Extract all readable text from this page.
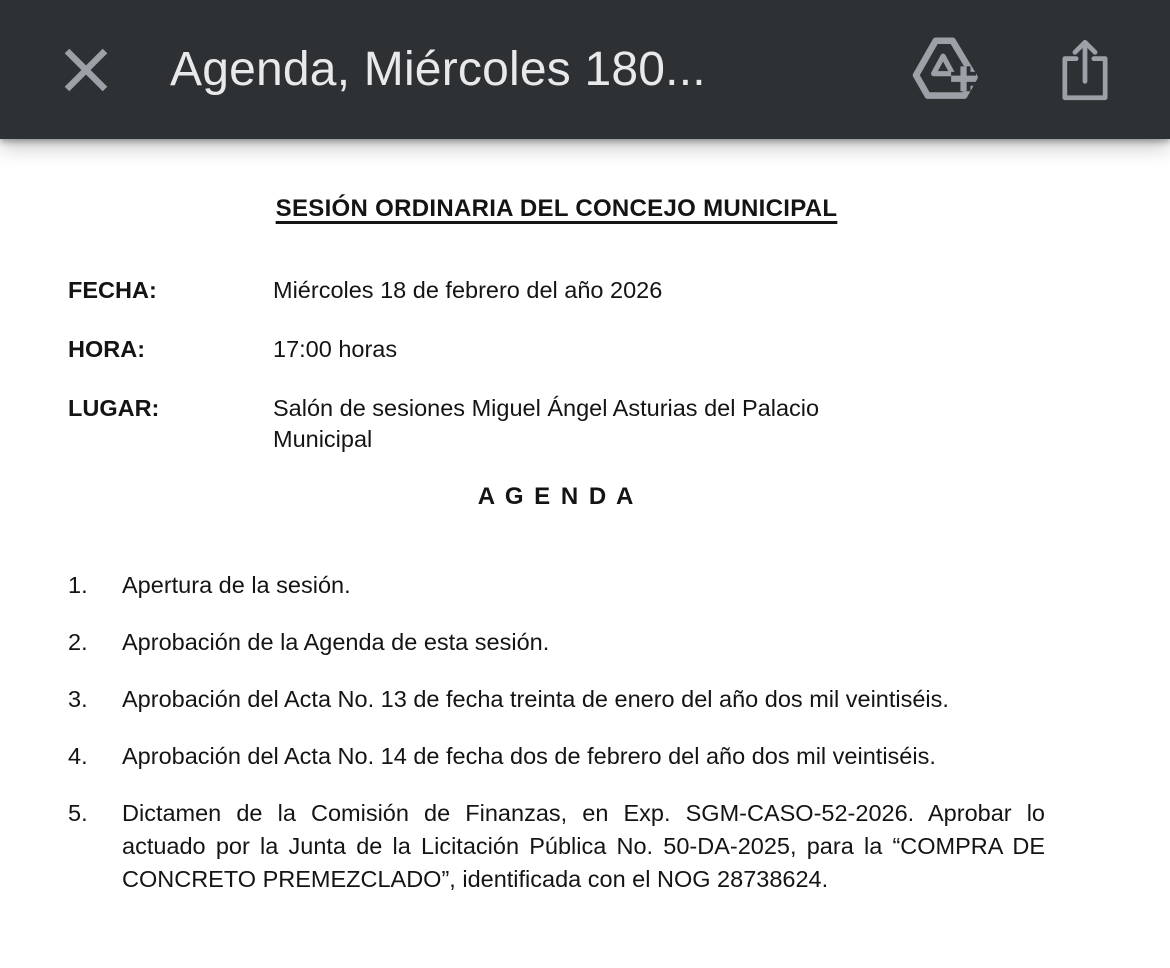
Agenda, Miércoles 180...
SESIÓN ORDINARIA DEL CONCEJO MUNICIPAL
FECHA:	Miércoles 18 de febrero del año 2026
HORA:	17:00 horas
LUGAR:	Salón de sesiones Miguel Ángel Asturias del Palacio Municipal
A G E N D A
1.	Apertura de la sesión.
2.	Aprobación de la Agenda de esta sesión.
3.	Aprobación del Acta No. 13 de fecha treinta de enero del año dos mil veintiséis.
4.	Aprobación del Acta No. 14 de fecha dos de febrero del año dos mil veintiséis.
5.	Dictamen de la Comisión de Finanzas, en Exp. SGM-CASO-52-2026. Aprobar lo actuado por la Junta de la Licitación Pública No. 50-DA-2025, para la “COMPRA DE CONCRETO PREMEZCLADO”, identificada con el NOG 28738624.
